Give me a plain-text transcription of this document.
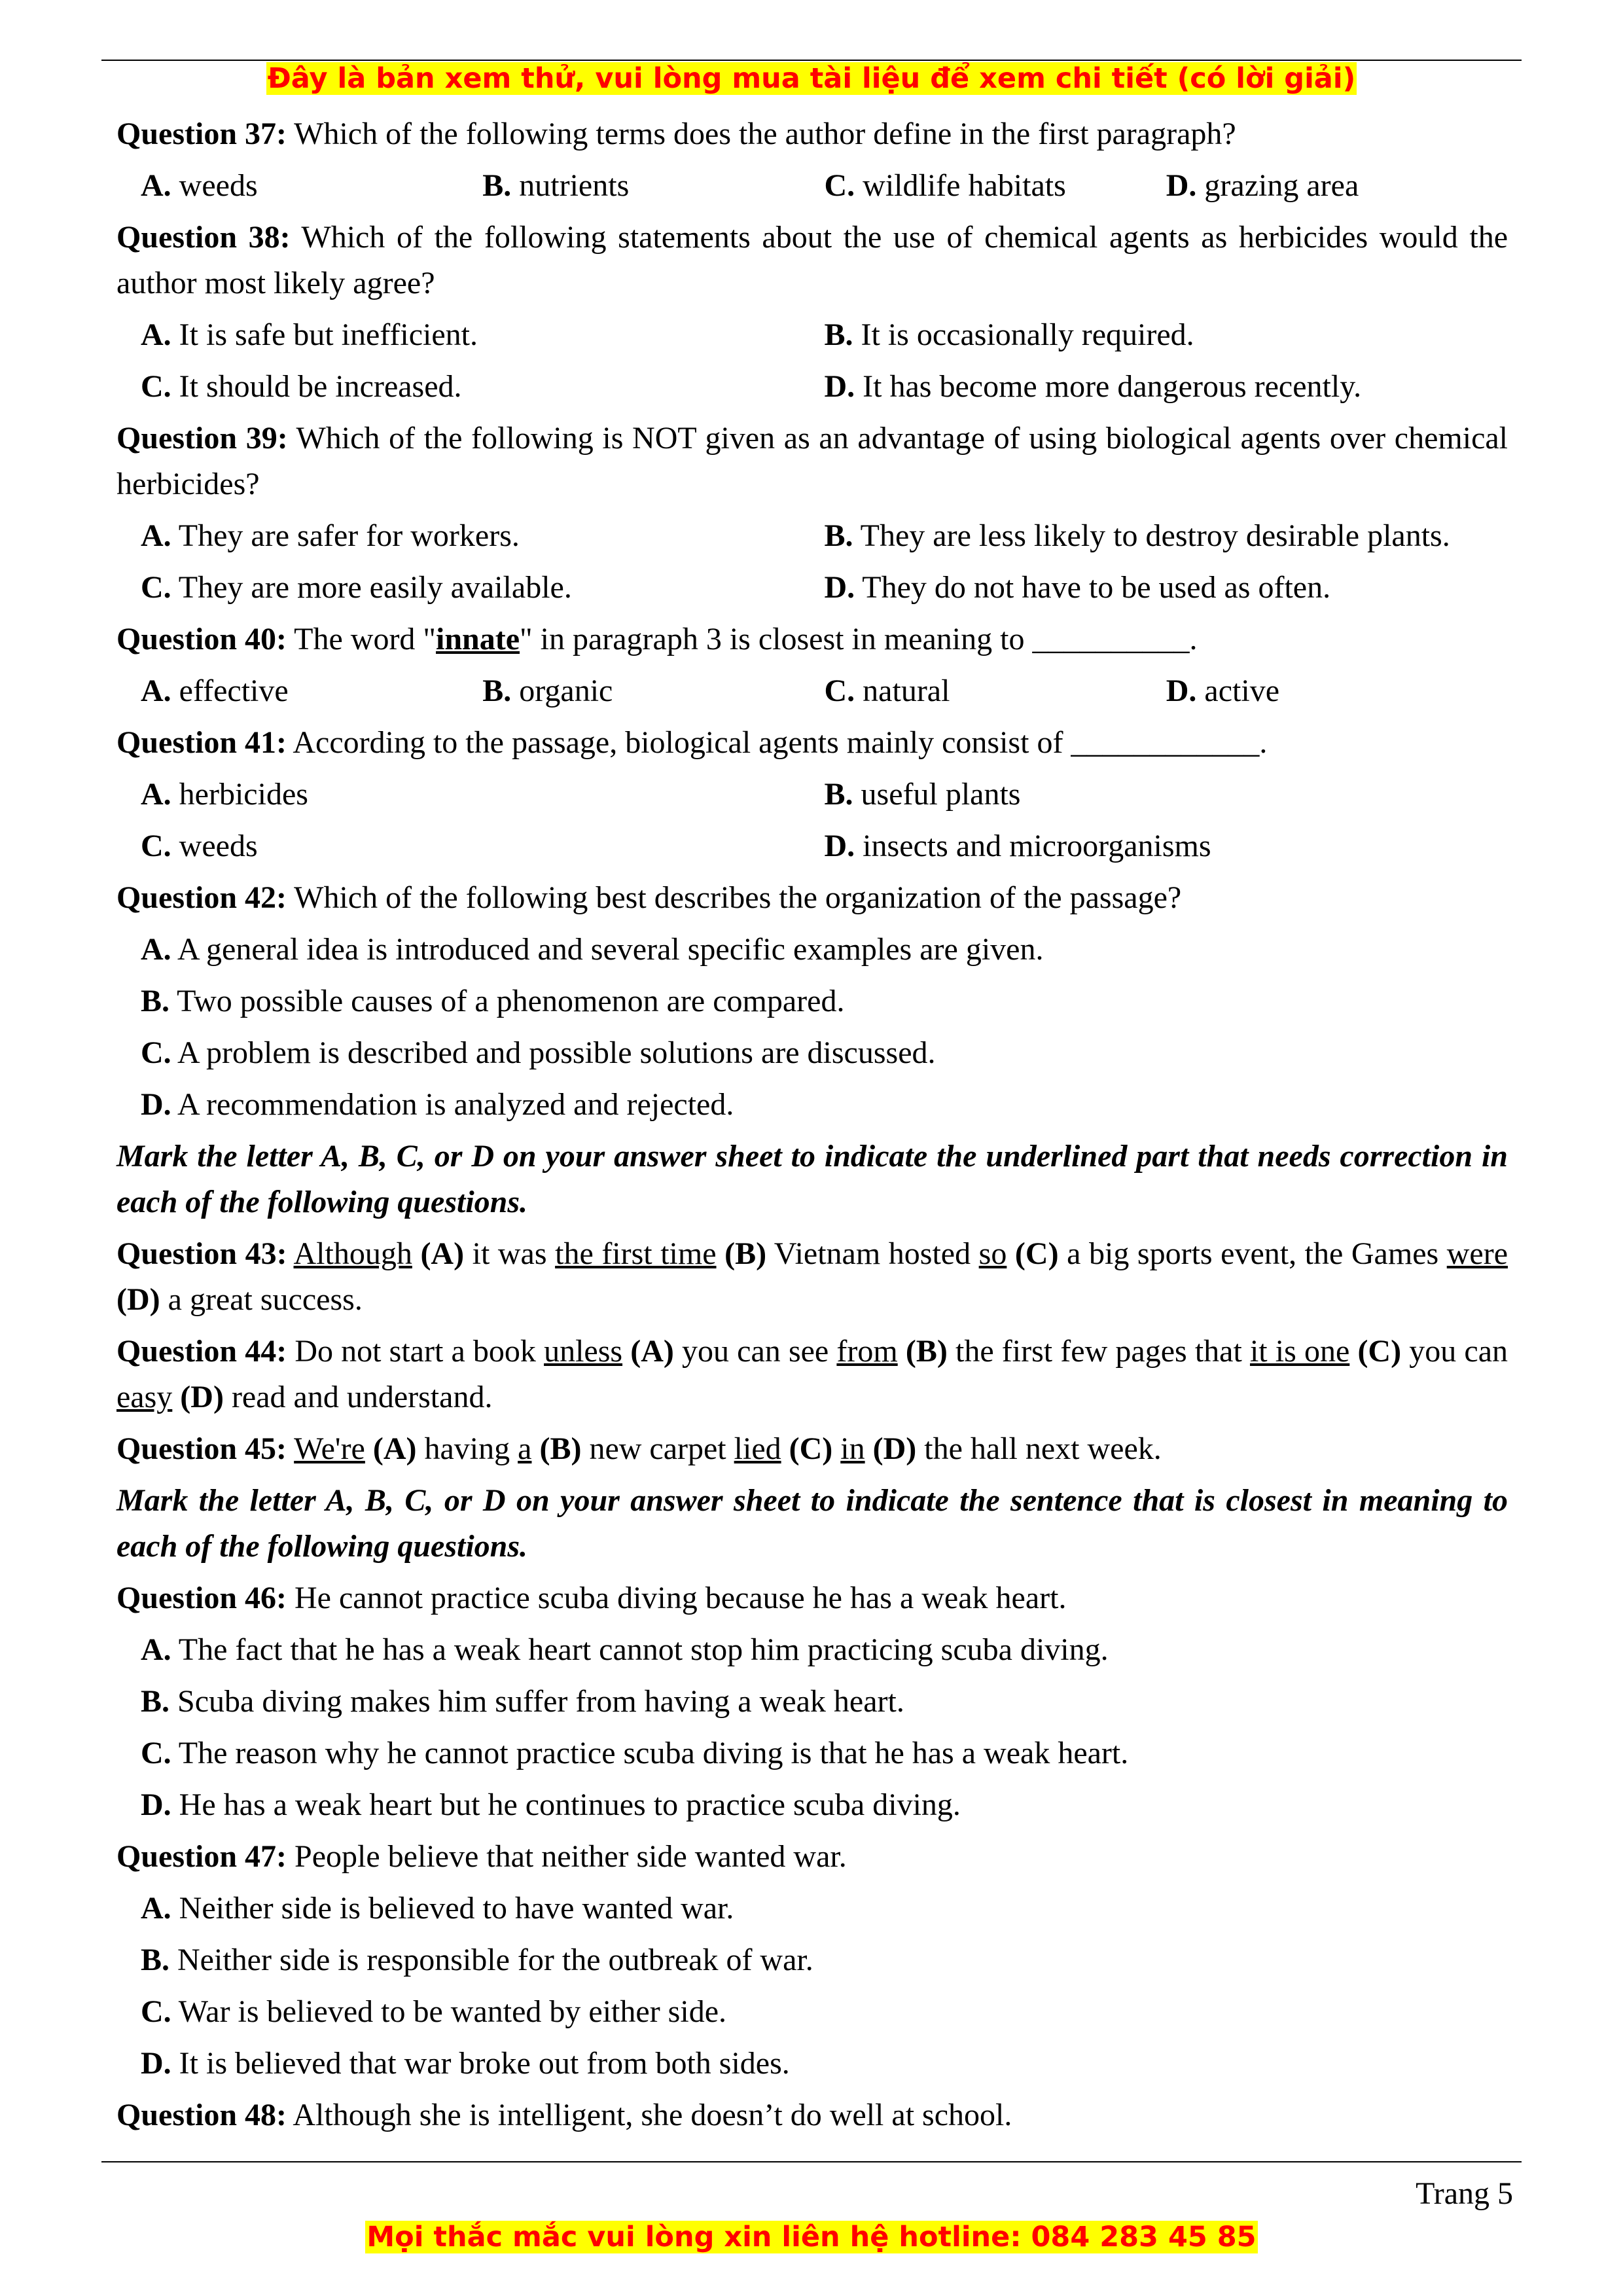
Đây là bản xem thử, vui lòng mua tài liệu để xem chi tiết (có lời giải)
Question 37: Which of the following terms does the author define in the first paragraph?
A. weeds	B. nutrients	C. wildlife habitats	D. grazing area
Question 38: Which of the following statements about the use of chemical agents as herbicides would the author most likely agree?
A. It is safe but inefficient.	B. It is occasionally required.
C. It should be increased.	D. It has become more dangerous recently.
Question 39: Which of the following is NOT given as an advantage of using biological agents over chemical herbicides?
A. They are safer for workers.	B. They are less likely to destroy desirable plants.
C. They are more easily available.	D. They do not have to be used as often.
Question 40: The word "innate" in paragraph 3 is closest in meaning to __________.
A. effective	B. organic	C. natural	D. active
Question 41: According to the passage, biological agents mainly consist of ____________.
A. herbicides	B. useful plants
C. weeds	D. insects and microorganisms
Question 42: Which of the following best describes the organization of the passage?
A. A general idea is introduced and several specific examples are given.
B. Two possible causes of a phenomenon are compared.
C. A problem is described and possible solutions are discussed.
D. A recommendation is analyzed and rejected.
Mark the letter A, B, C, or D on your answer sheet to indicate the underlined part that needs correction in each of the following questions.
Question 43: Although (A) it was the first time (B) Vietnam hosted so (C) a big sports event, the Games were (D) a great success.
Question 44: Do not start a book unless (A) you can see from (B) the first few pages that it is one (C) you can easy (D) read and understand.
Question 45: We're (A) having a (B) new carpet lied (C) in (D) the hall next week.
Mark the letter A, B, C, or D on your answer sheet to indicate the sentence that is closest in meaning to each of the following questions.
Question 46: He cannot practice scuba diving because he has a weak heart.
A. The fact that he has a weak heart cannot stop him practicing scuba diving.
B. Scuba diving makes him suffer from having a weak heart.
C. The reason why he cannot practice scuba diving is that he has a weak heart.
D. He has a weak heart but he continues to practice scuba diving.
Question 47: People believe that neither side wanted war.
A. Neither side is believed to have wanted war.
B. Neither side is responsible for the outbreak of war.
C. War is believed to be wanted by either side.
D. It is believed that war broke out from both sides.
Question 48: Although she is intelligent, she doesn’t do well at school.
Trang 5
Mọi thắc mắc vui lòng xin liên hệ hotline: 084 283 45 85
